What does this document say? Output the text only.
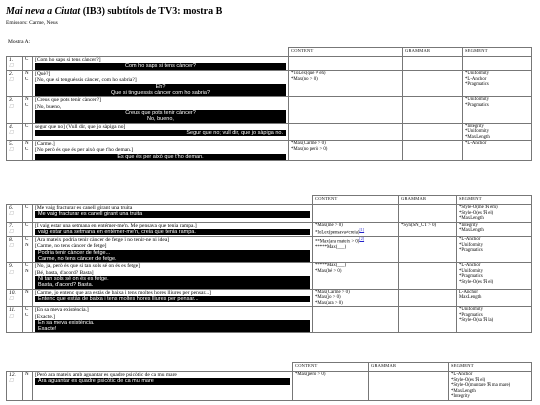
Mai neva a Ciutat (IB3) subtítols de TV3: mostra B
Emissors: Carme, Neus
Mostra A:
			CONTENT	GRAMMAR	SEGMENT
1.
☐	C	[Com ho saps si tens càncer?]
Com ho saps si tens càncer?			

2.
☐	N
C	[Què?]
[No, que si tenguéssis càncer, com ho sabria?]
Eh?
Que si tinguessis càncer com ho sabria?	*ToLex(què ≠ eh)
*Max(no > 0)		*Uniformity
*L-Anchor
*Pragmatics

3.
☐	N
C	[Creus que pots tenir càncer?]
[No, bueno,
Creus que pots tenir càncer?
No, bueno,			*Uniformity
*Pragmatics

4.
☐	C	segur que no] (Vull dir, que jo sàpiga no]
Segur que no; vull dir, que jo sàpiga no.			*Integrity
*Uniformity
*MaxLength

5.
☐	N
C	[Carme.]
[No però és que és per això que t'ho deman.]
És que és per això que t'ho deman.	*Max(Carme > 0)
*Max(no però > 0)		*L-Anchor
			CONTENT	GRAMMAR	SEGMENT
6.
☐	C	[Me vaig fracturar es canell girant una truita
Me vaig fracturar es canell girant una truita			*Style-O(me ℜ em)
*Style-O(es ℜ el)
*MaxLength

7.
☐	C	[I vaig estar una setmana en entémer-me'n. Me pensava que tenia rampa.]
vaig estar una setmana en entémer-me'n, creia que tenia rampa.	*Max(me > 0)
*IoLex(pensava≠creia)[1]	*Syn(SN_CT > 0)	*Integrity
*MaxLength

8.
☐	C
N	[Ara mateix podria tenir càncer de fetge i no tenir-ne ni idea]
[Carme, no tens càncer de fetge]
Podria tenir càncer de fetge...
Carme, no tens càncer de fetge.	**Max(ara mateix > 0)[2]
*****Max(___)		*L-Anchor
*Uniformity
*Pragmatics

9.
☐	C
N	[No, ja, però és que si tan sols sé on és es fetge]
[Bé, basta, d'acord? Basta]
Ni tan sols sé on és es fetge.
Basta, d'acord? Basta.	*****Max(___)
*Max(bé > 0)		*L-Anchor
*Uniformity
*Pragmatics
*Style-O(es ℜ el)

10.
☐	N	[Carme, jo entenc que ara estàs de baixa i tens moltes hores lliures per pensar...]
Entenc que estàs de baixa i tens moltes hores lliures per pensar...	*Max(Carme > 0)
*Max(jo > 0)
*Max(ara > 0)		L-Anchor
MaxLength

11.
☐	C
C	[En sa meva existència.]
[Exacte.]
En sa meva existència.
Exacte!			*Uniformity
*Pragmatics
*Style-O(sa ℜ la)
			CONTENT	GRAMMAR	SEGMENT
12.
☐	N	[Però ara mateix amb aguantar es quadre psicòtic de ca mu mare
Ara aguantar es quadre psicòtic de ca mu mare	*Max(però > 0)		*L-Anchor
*Style-O(es ℜ el)
*Style-O(muntare ℜ ma mare)
*MaxLength
*Integrity
